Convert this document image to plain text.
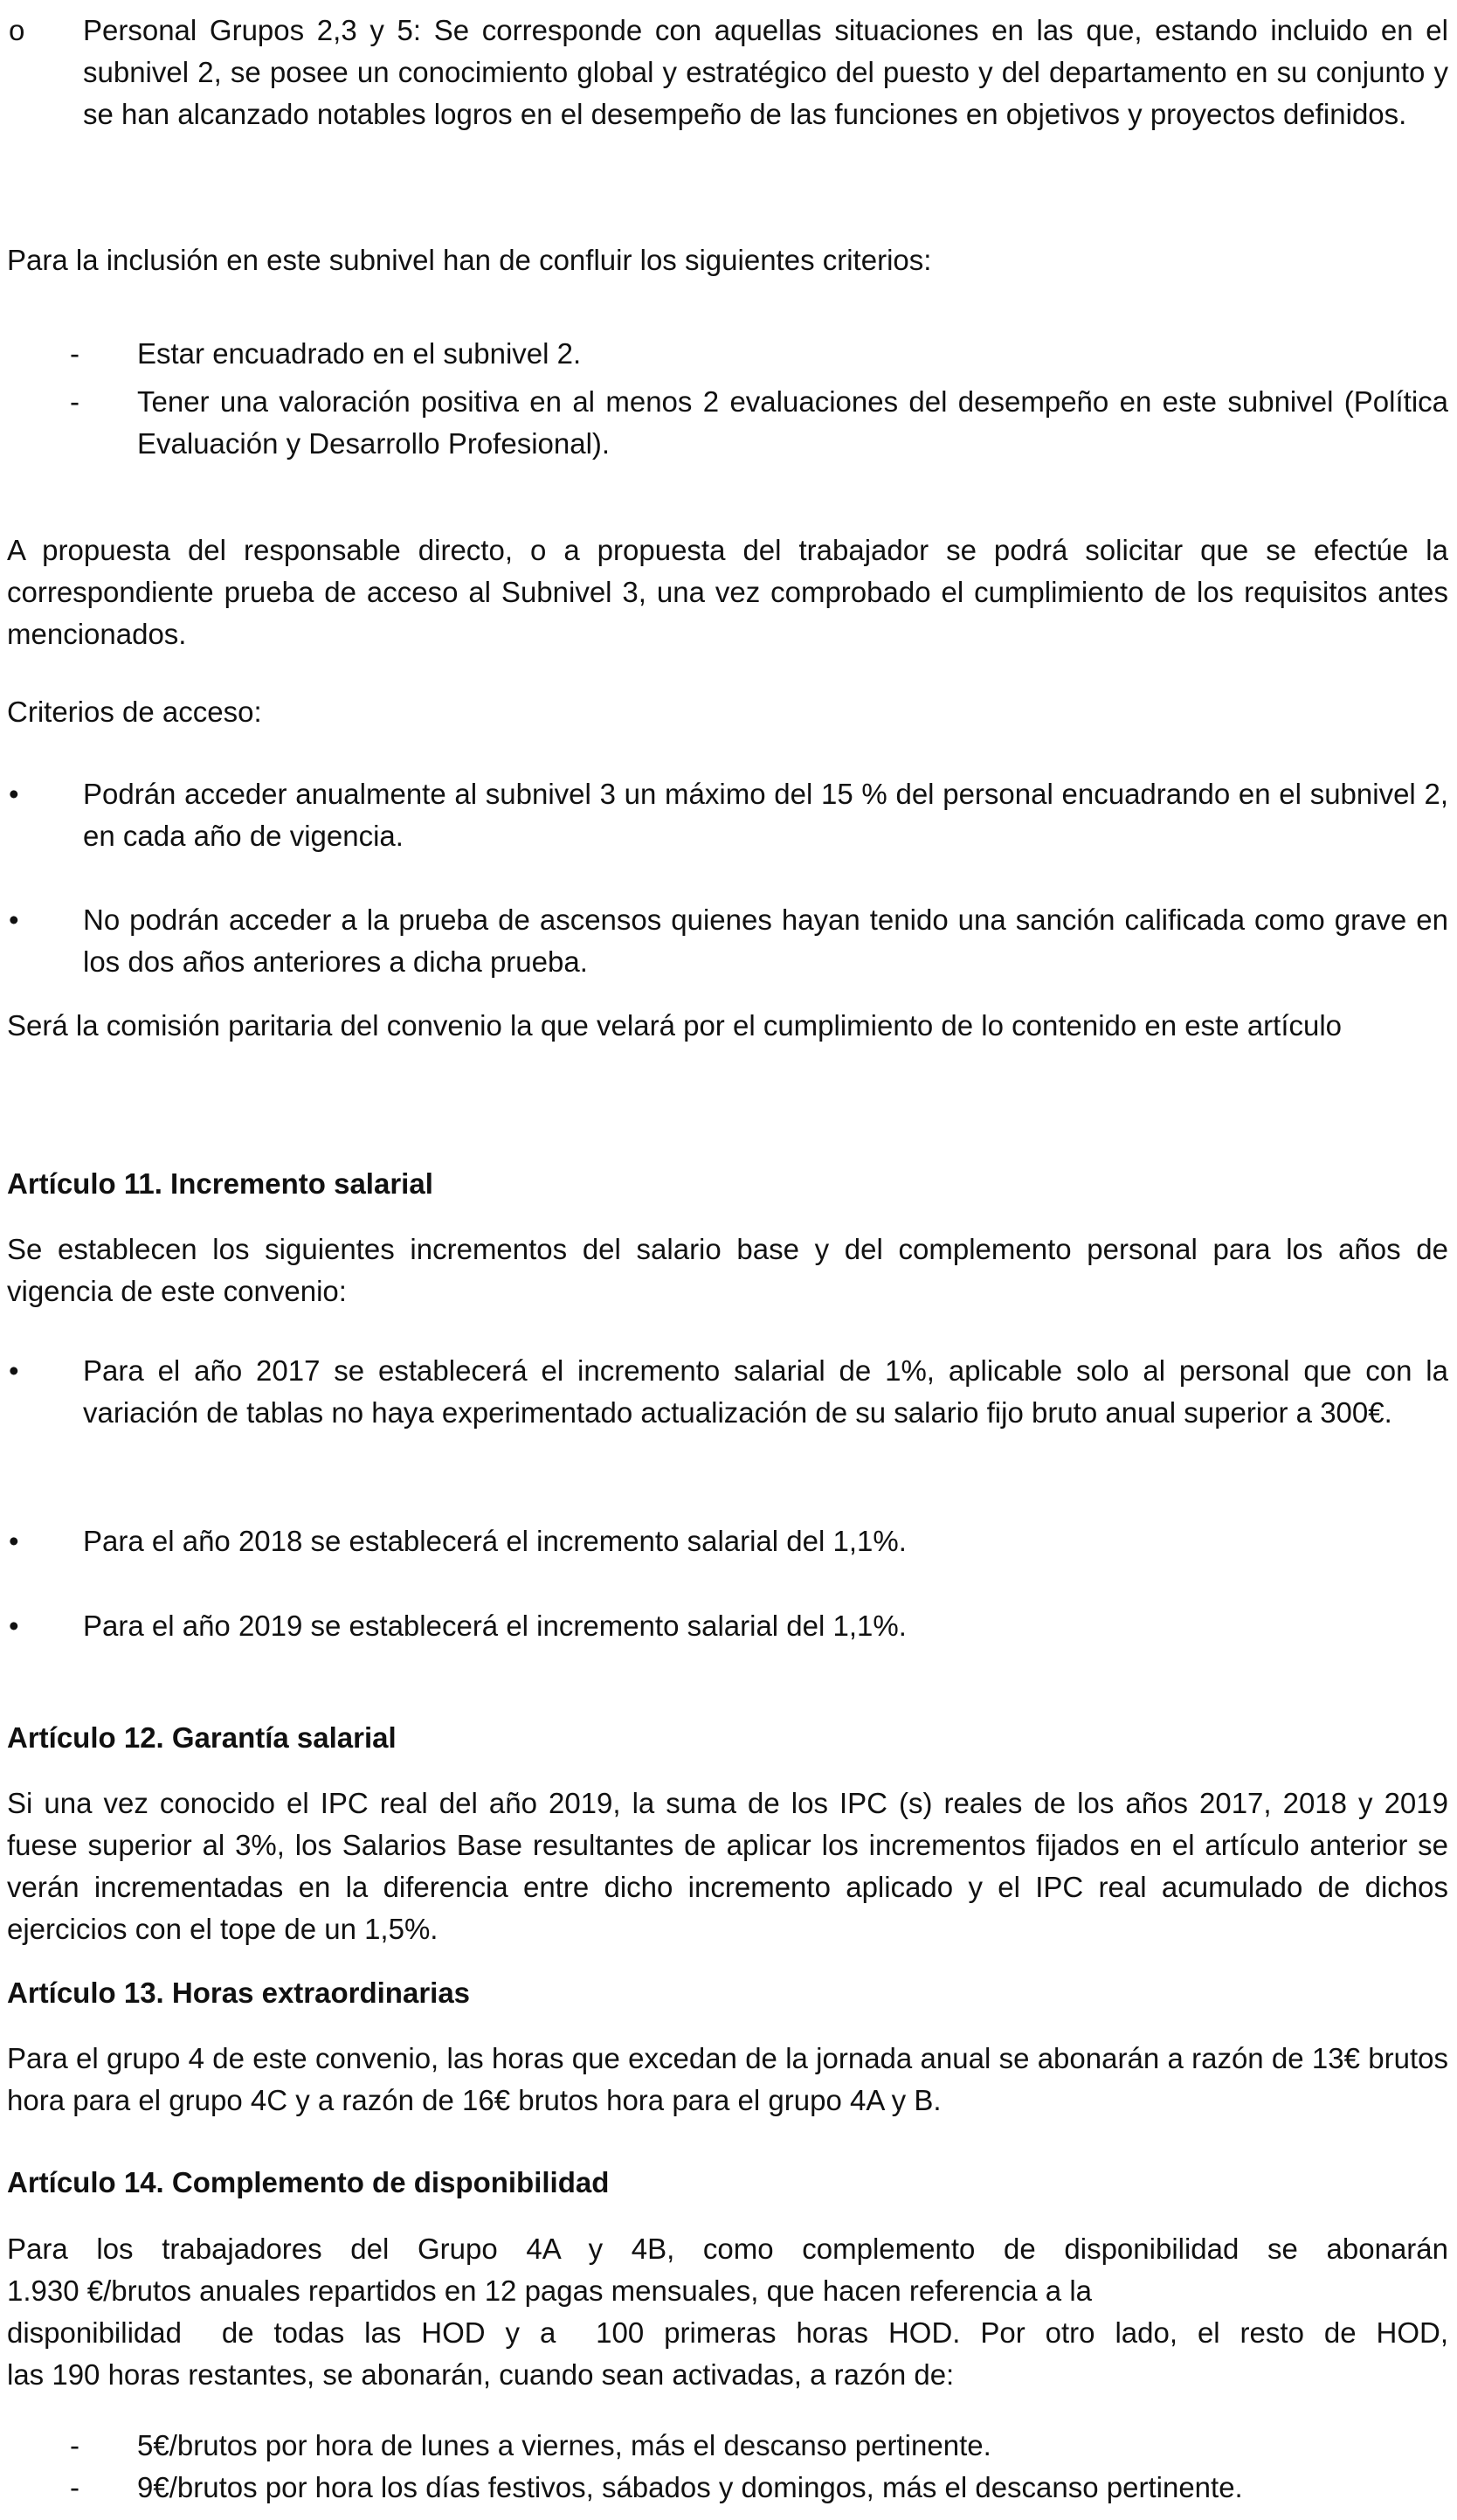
o Personal Grupos 2,3 y 5: Se corresponde con aquellas situaciones en las que, estando incluido en el subnivel 2, se posee un conocimiento global y estratégico del puesto y del departamento en su conjunto y se han alcanzado notables logros en el desempeño de las funciones en objetivos y proyectos definidos.

Para la inclusión en este subnivel han de confluir los siguientes criterios:

- Estar encuadrado en el subnivel 2.

- Tener una valoración positiva en al menos 2 evaluaciones del desempeño en este subnivel (Política Evaluación y Desarrollo Profesional).

A propuesta del responsable directo, o a propuesta del trabajador se podrá solicitar que se efectúe la correspondiente prueba de acceso al Subnivel 3, una vez comprobado el cumplimiento de los requisitos antes mencionados.

Criterios de acceso:

• Podrán acceder anualmente al subnivel 3 un máximo del 15 % del personal encuadrando en el subnivel 2, en cada año de vigencia.

• No podrán acceder a la prueba de ascensos quienes hayan tenido una sanción calificada como grave en los dos años anteriores a dicha prueba.

Será la comisión paritaria del convenio la que velará por el cumplimiento de lo contenido en este artículo

Artículo 11. Incremento salarial

Se establecen los siguientes incrementos del salario base y del complemento personal para los años de vigencia de este convenio:

• Para el año 2017 se establecerá el incremento salarial de 1%, aplicable solo al personal que con la variación de tablas no haya experimentado actualización de su salario fijo bruto anual superior a 300€.

• Para el año 2018 se establecerá el incremento salarial del 1,1%.

• Para el año 2019 se establecerá el incremento salarial del 1,1%.

Artículo 12. Garantía salarial

Si una vez conocido el IPC real del año 2019, la suma de los IPC (s) reales de los años 2017, 2018 y 2019 fuese superior al 3%, los Salarios Base resultantes de aplicar los incrementos fijados en el artículo anterior se verán incrementadas en la diferencia entre dicho incremento aplicado y el IPC real acumulado de dichos ejercicios con el tope de un 1,5%.

Artículo 13. Horas extraordinarias

Para el grupo 4 de este convenio, las horas que excedan de la jornada anual se abonarán a razón de 13€ brutos hora para el grupo 4C y a razón de 16€ brutos hora para el grupo 4A y B.

Artículo 14. Complemento de disponibilidad
Para los trabajadores del Grupo 4A y 4B, como complemento de disponibilidad se abonarán
1.930 €/brutos anuales repartidos en 12 pagas mensuales, que hacen referencia a la
disponibilidad  de todas las HOD y a  100 primeras horas HOD. Por otro lado, el resto de HOD,
las 190 horas restantes, se abonarán, cuando sean activadas, a razón de:
- 5€/brutos por hora de lunes a viernes, más el descanso pertinente.

- 9€/brutos por hora los días festivos, sábados y domingos, más el descanso pertinente.
